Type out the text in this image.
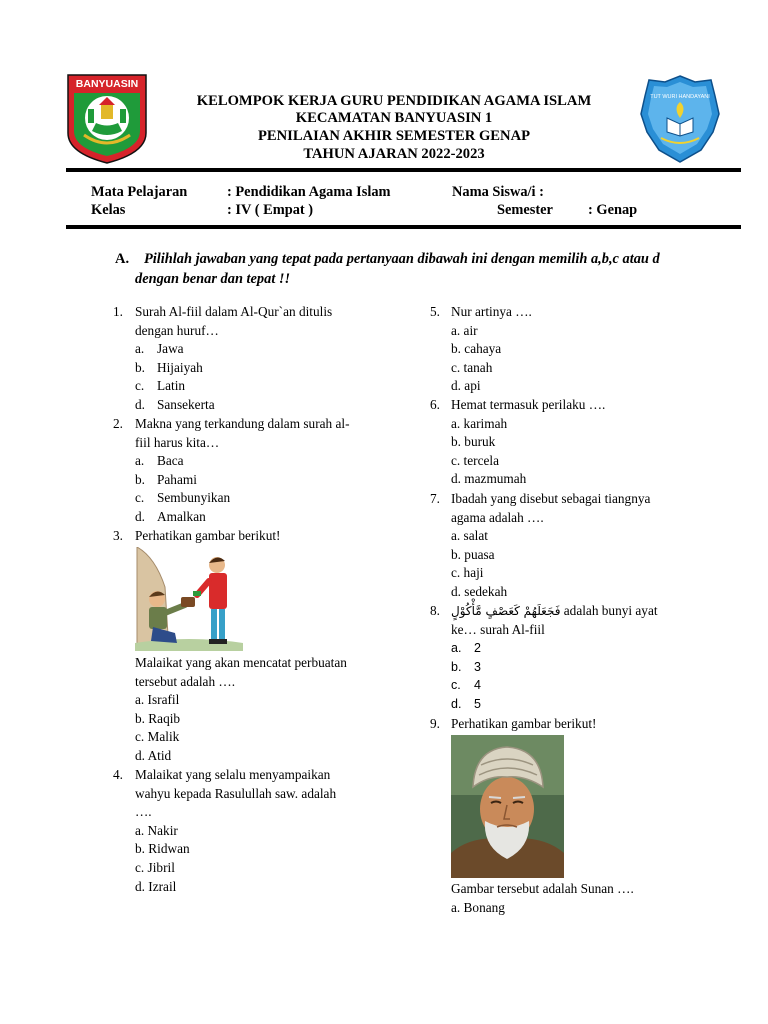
BANYUASIN
KELOMPOK KERJA GURU PENDIDIKAN AGAMA ISLAM
KECAMATAN BANYUASIN 1
PENILAIAN AKHIR SEMESTER GENAP
TAHUN AJARAN 2022-2023
TUT WURI HANDAYANI
Mata Pelajaran	: Pendidikan Agama Islam	Nama Siswa/i :
Kelas	: IV ( Empat )	Semester : Genap
A.	Pilihlah jawaban yang tepat pada pertanyaan dibawah ini dengan memilih a,b,c atau d
dengan benar dan tepat !!
1. Surah Al-fiil dalam Al-Qur`an ditulis
dengan huruf…
a. Jawa
b. Hijaiyah
c. Latin
d. Sansekerta
2. Makna yang terkandung dalam surah al-
fiil harus kita…
a. Baca
b. Pahami
c. Sembunyikan
d. Amalkan
3. Perhatikan gambar berikut!
Malaikat yang akan mencatat perbuatan
tersebut adalah ….
a. Israfil
b. Raqib
c. Malik
d. Atid
4. Malaikat yang selalu menyampaikan
wahyu kepada Rasulullah saw. adalah
….
a. Nakir
b. Ridwan
c. Jibril
d. Izrail
5. Nur artinya ….
a. air
b. cahaya
c. tanah
d. api
6. Hemat termasuk perilaku ….
a. karimah
b. buruk
c. tercela
d. mazmumah
7. Ibadah yang disebut sebagai tiangnya
agama adalah ….
a. salat
b. puasa
c. haji
d. sedekah
8. فَجَعَلَهُمْ كَعَصْفٍ مَّأْكُوْلٍ adalah bunyi ayat
ke… surah Al-fiil
a. 2
b. 3
c. 4
d. 5
9. Perhatikan gambar berikut!
Gambar tersebut adalah Sunan ….
a. Bonang
